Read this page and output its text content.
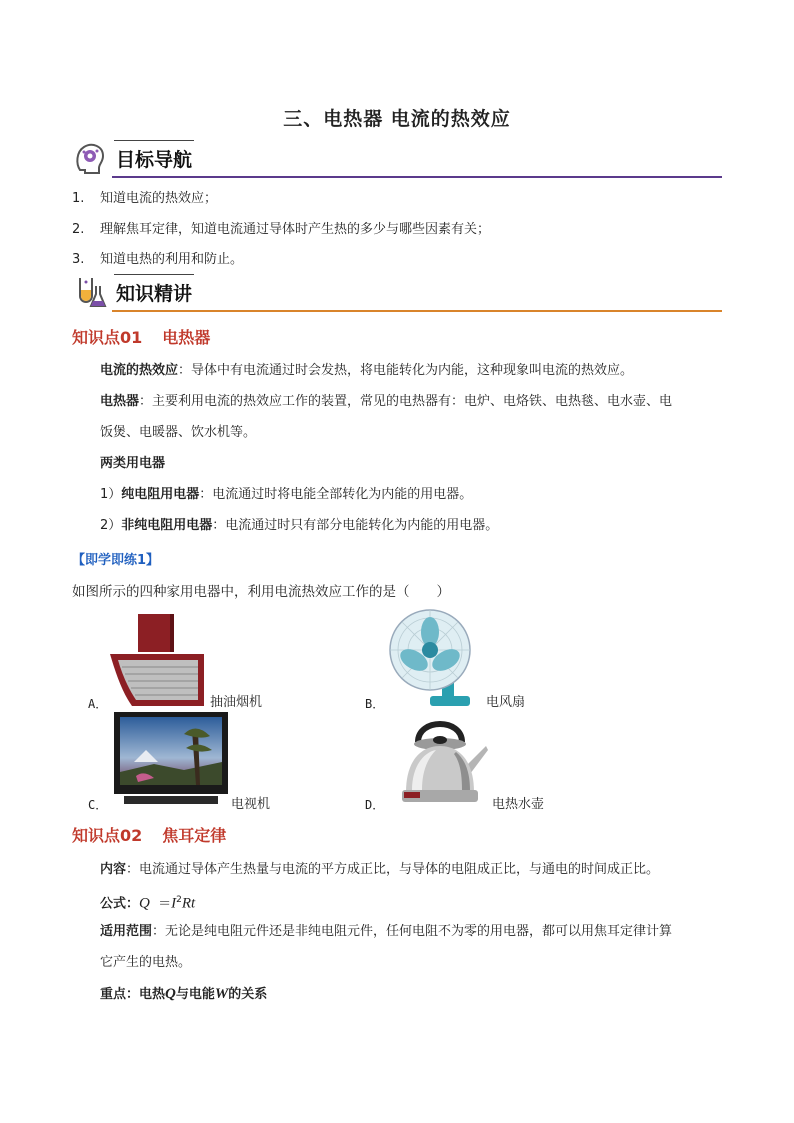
三、电热器 电流的热效应
目标导航
1. 知道电流的热效应；
2. 理解焦耳定律，知道电流通过导体时产生热的多少与哪些因素有关；
3. 知道电热的利用和防止。
知识精讲
知识点01 电热器
电流的热效应：导体中有电流通过时会发热，将电能转化为内能，这种现象叫电流的热效应。
电热器：主要利用电流的热效应工作的装置，常见的电热器有：电炉、电烙铁、电热毯、电水壶、电
饭煲、电暖器、饮水机等。
两类用电器
1）纯电阻用电器：电流通过时将电能全部转化为内能的用电器。
2）非纯电阻用电器：电流通过时只有部分电能转化为内能的用电器。
【即学即练1】
如图所示的四种家用电器中，利用电流热效应工作的是（　　）
A．	抽油烟机	B．	电风扇
C．	电视机	D．	电热水壶
知识点02 焦耳定律
内容：电流通过导体产生热量与电流的平方成正比，与导体的电阻成正比，与通电的时间成正比。
公式：$Q =I^2Rt$
适用范围：无论是纯电阻元件还是非纯电阻元件，任何电阻不为零的用电器，都可以用焦耳定律计算
它产生的电热。
重点：电热Q与电能W的关系
